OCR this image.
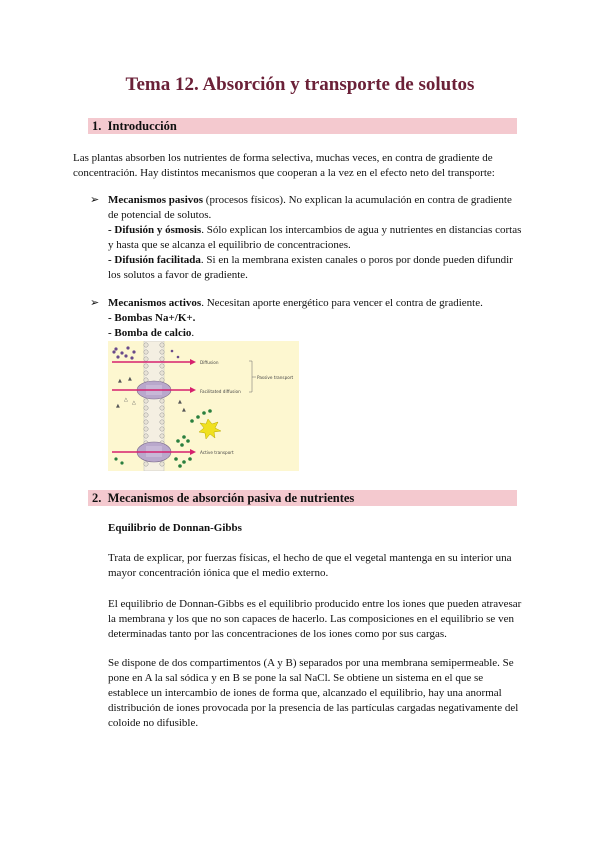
Tema 12. Absorción y transporte de solutos
1. Introducción
Las plantas absorben los nutrientes de forma selectiva, muchas veces, en contra de gradiente de
concentración. Hay distintos mecanismos que cooperan a la vez en el efecto neto del transporte:
➢ Mecanismos pasivos (procesos físicos). No explican la acumulación en contra de gradiente
de potencial de solutos.
- Difusión y ósmosis. Sólo explican los intercambios de agua y nutrientes en distancias cortas
y hasta que se alcanza el equilibrio de concentraciones.
- Difusión facilitada. Si en la membrana existen canales o poros por donde pueden difundir
los solutos a favor de gradiente.
➢ Mecanismos activos. Necesitan aporte energético para vencer el contra de gradiente.
- Bombas Na+/K+.
- Bomba de calcio.
▲ ▲
△
▲ △	▲
▲
Diffusion
Facilitated diffusion
Active transport
Passive transport
2. Mecanismos de absorción pasiva de nutrientes
Equilibrio de Donnan-Gibbs
Trata de explicar, por fuerzas físicas, el hecho de que el vegetal mantenga en su interior una
mayor concentración iónica que el medio externo.
El equilibrio de Donnan-Gibbs es el equilibrio producido entre los iones que pueden atravesar
la membrana y los que no son capaces de hacerlo. Las composiciones en el equilibrio se ven
determinadas tanto por las concentraciones de los iones como por sus cargas.
Se dispone de dos compartimentos (A y B) separados por una membrana semipermeable. Se
pone en A la sal sódica y en B se pone la sal NaCl. Se obtiene un sistema en el que se
establece un intercambio de iones de forma que, alcanzado el equilibrio, hay una anormal
distribución de iones provocada por la presencia de las partículas cargadas negativamente del
coloide no difusible.
